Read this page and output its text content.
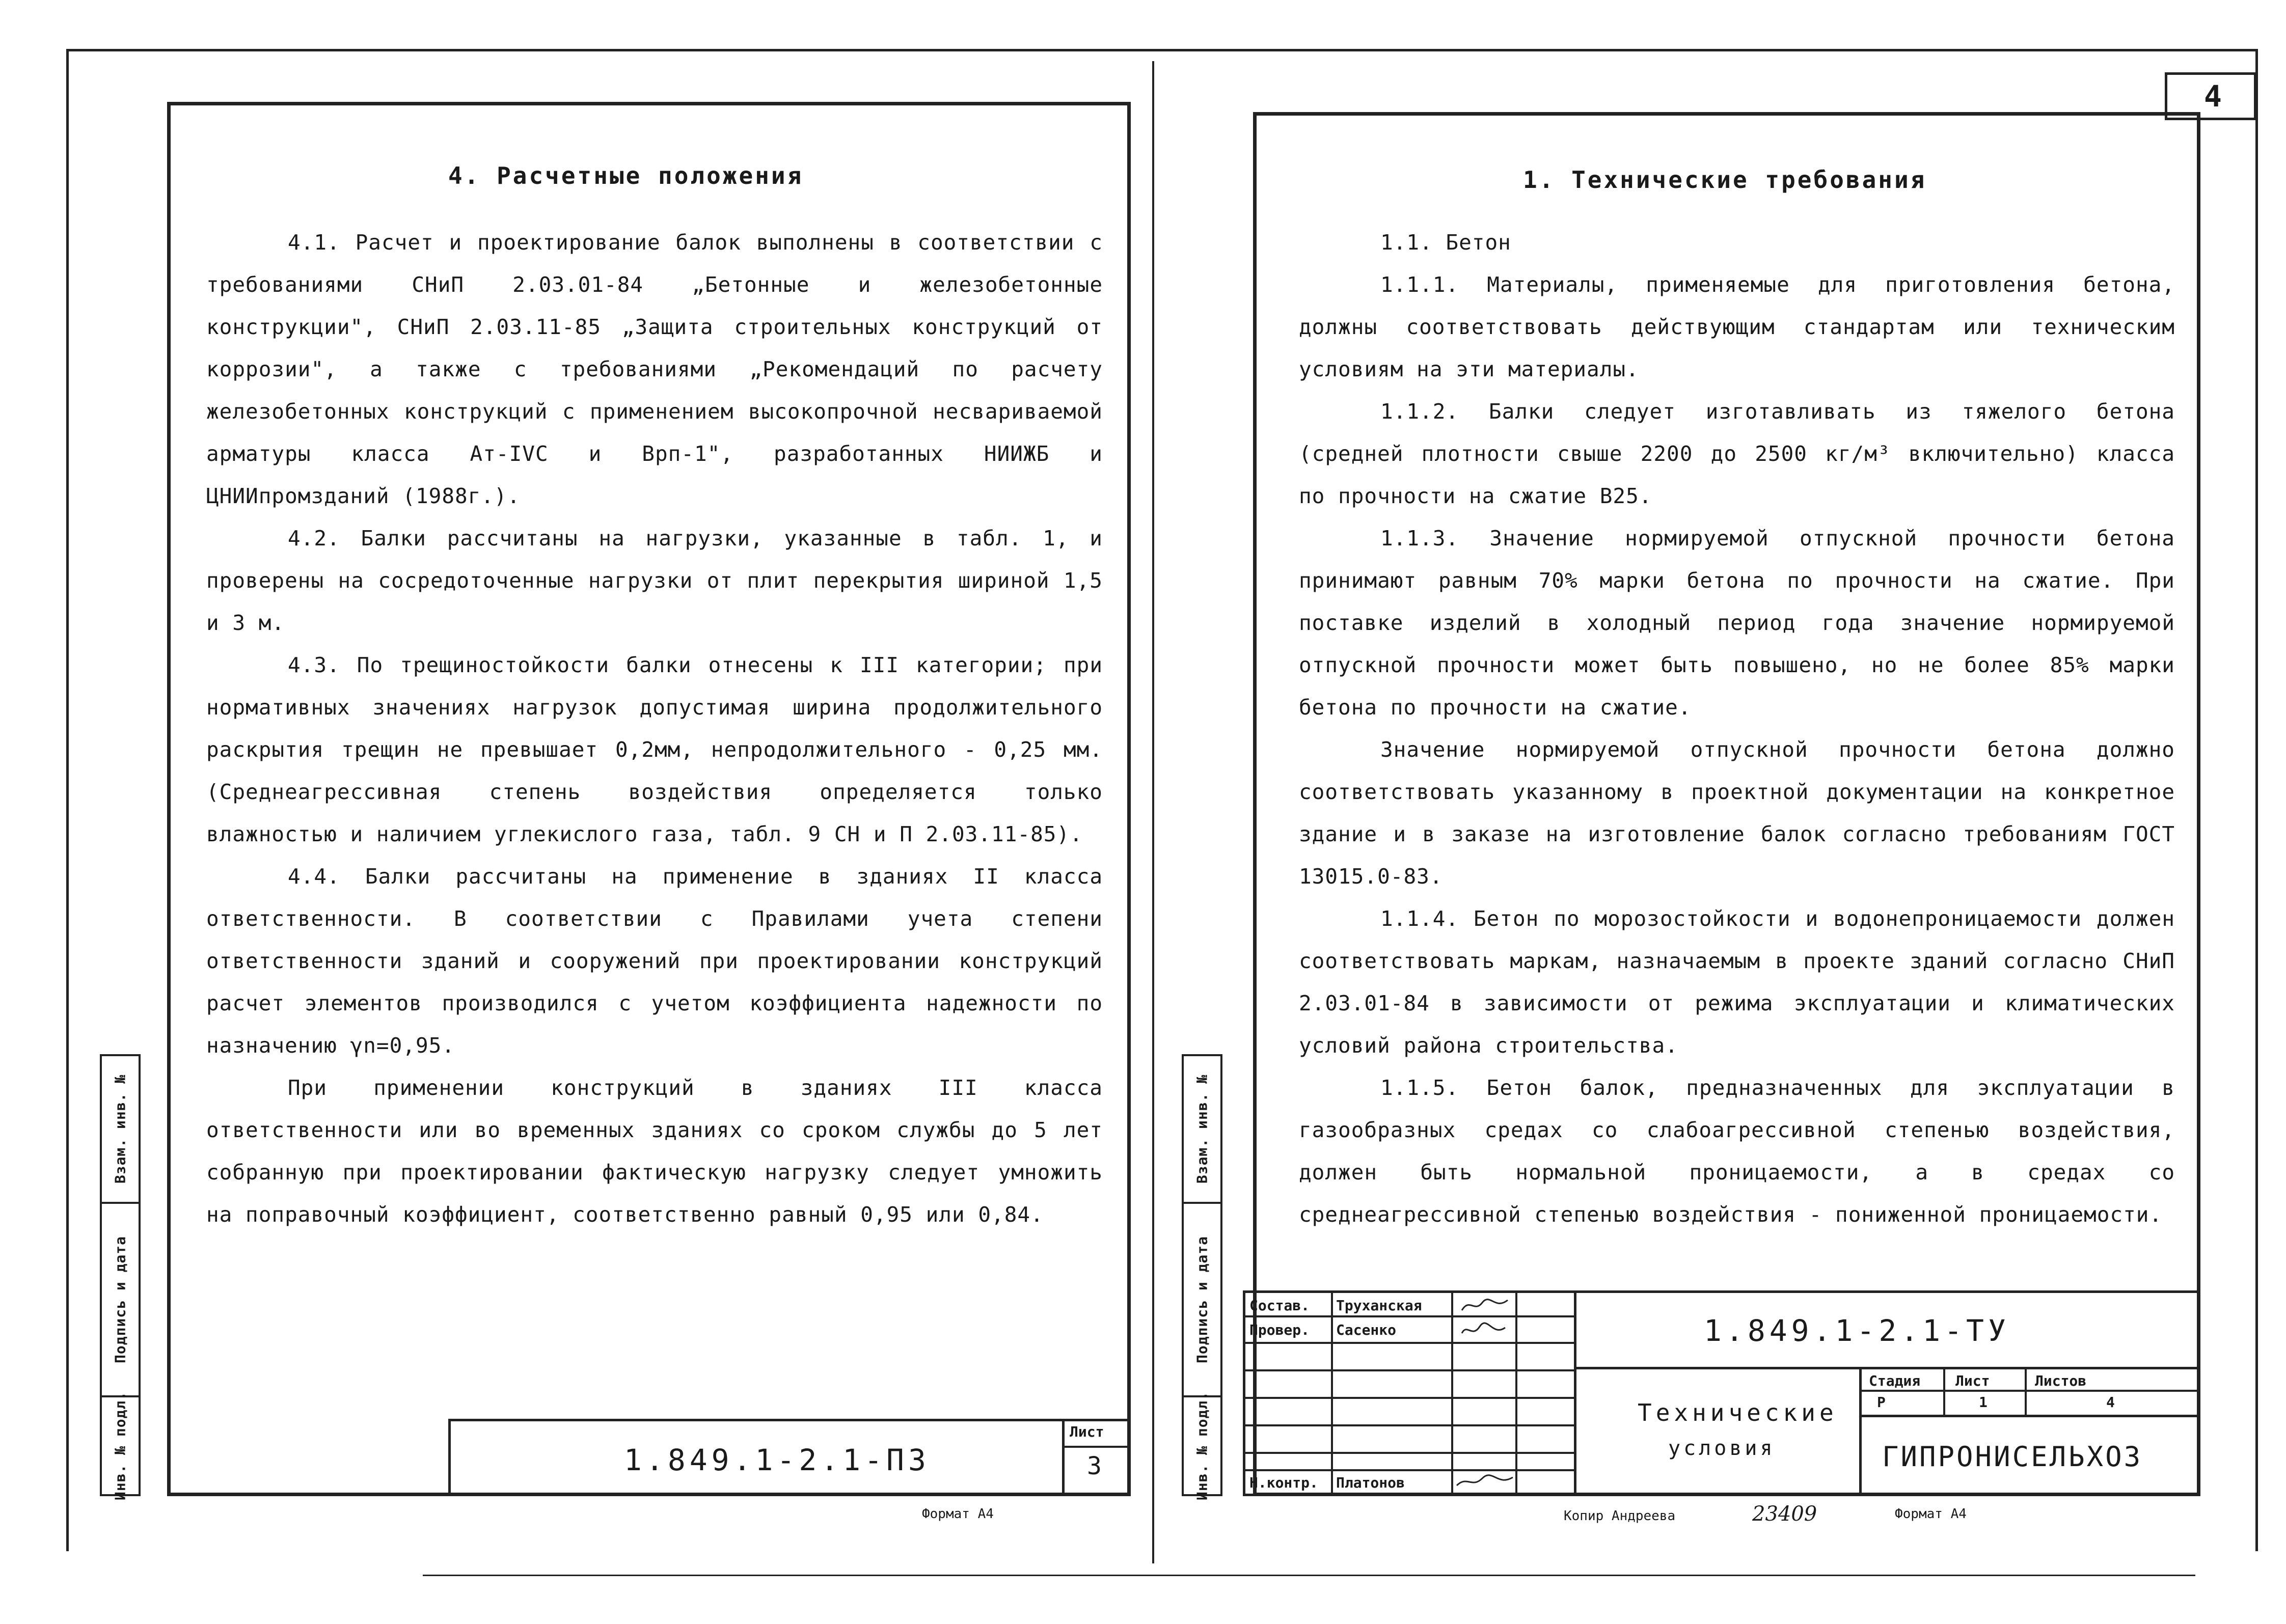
4. Расчетные положения

4.1. Расчет и проектирование балок выполнены в соответствии с требованиями СНиП 2.03.01-84 „Бетонные и железобетонные конструкции", СНиП 2.03.11-85 „Защита строительных конструкций от коррозии", а также с требованиями „Рекомендаций по расчету железобетонных конструкций с применением высокопрочной несвариваемой арматуры класса Ат-IVC и Врп-1", разработанных НИИЖБ и ЦНИИпромзданий (1988г.).

4.2. Балки рассчитаны на нагрузки, указанные в табл. 1, и проверены на сосредоточенные нагрузки от плит перекрытия шириной 1,5 и 3 м.

4.3. По трещиностойкости балки отнесены к III категории; при нормативных значениях нагрузок допустимая ширина продолжительного раскрытия трещин не превышает 0,2мм, непродолжительного - 0,25 мм. (Среднеагрессивная степень воздействия определяется только влажностью и наличием углекислого газа, табл. 9 СН и П 2.03.11-85).

4.4. Балки рассчитаны на применение в зданиях II класса ответственности. В соответствии с Правилами учета степени ответственности зданий и сооружений при проектировании конструкций расчет элементов производился с учетом коэффициента надежности по назначению γn=0,95.

При применении конструкций в зданиях III класса ответственности или во временных зданиях со сроком службы до 5 лет собранную при проектировании фактическую нагрузку следует умножить на поправочный коэффициент, соответственно равный 0,95 или 0,84.

Взам. инв. №
Подпись и дата
Инв. № подл.	1.849.1-2.1-ПЗ
Лист
3
Формат А4
4
1. Технические требования

1.1. Бетон

1.1.1. Материалы, применяемые для приготовления бетона, должны соответствовать действующим стандартам или техническим условиям на эти материалы.

1.1.2. Балки следует изготавливать из тяжелого бетона (средней плотности свыше 2200 до 2500 кг/м³ включительно) класса по прочности на сжатие В25.

1.1.3. Значение нормируемой отпускной прочности бетона принимают равным 70% марки бетона по прочности на сжатие. При поставке изделий в холодный период года значение нормируемой отпускной прочности может быть повышено, но не более 85% марки бетона по прочности на сжатие.

Значение нормируемой отпускной прочности бетона должно соответствовать указанному в проектной документации на конкретное здание и в заказе на изготовление балок согласно требованиям ГОСТ 13015.0-83.

1.1.4. Бетон по морозостойкости и водонепроницаемости должен соответствовать маркам, назначаемым в проекте зданий согласно СНиП 2.03.01-84 в зависимости от режима эксплуатации и климатических условий района строительства.

1.1.5. Бетон балок, предназначенных для эксплуатации в газообразных средах со слабоагрессивной степенью воздействия, должен быть нормальной проницаемости, а в средах со среднеагрессивной степенью воздействия - пониженной проницаемости.

Взам. инв. №
Подпись и дата
Инв. № подл.
Состав. Труханская
Провер. Сасенко
Н.контр. Платонов
1.849.1-2.1-ТУ
Технические
условия
Стадия Лист	Листов
Р	1	4
ГИПРОНИСЕЛЬХОЗ
Копир Андреева	23409	Формат А4
